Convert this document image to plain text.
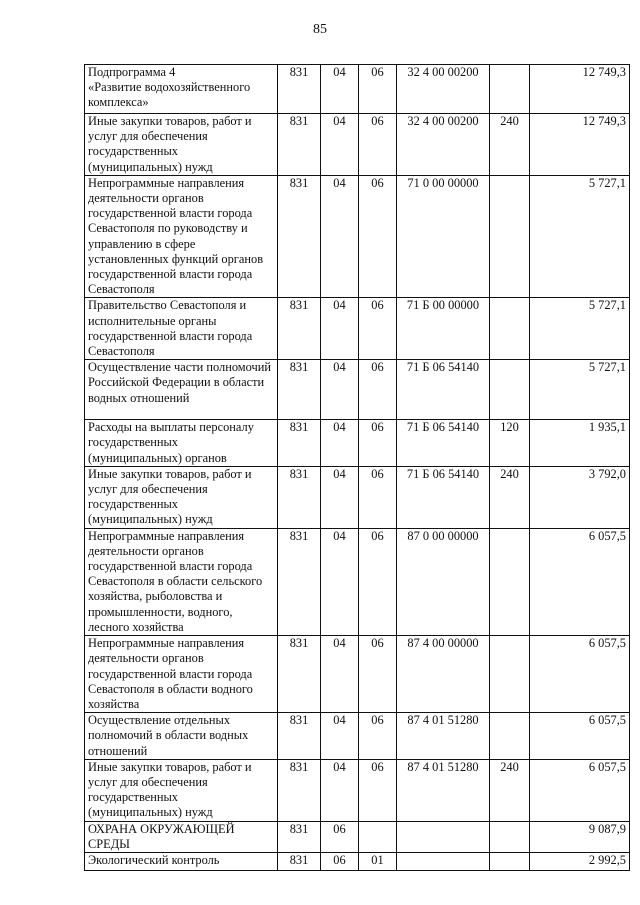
85
Подпрограмма 4
«Развитие водохозяйственного комплекса»	831	04	06	32 4 00 00200		12 749,3

Иные закупки товаров, работ и услуг для обеспечения государственных (муниципальных) нужд	831	04	06	32 4 00 00200	240	12 749,3

Непрограммные направления деятельности органов государственной власти города Севастополя по руководству и управлению в сфере установленных функций органов государственной власти города Севастополя	831	04	06	71 0 00 00000		5 727,1

Правительство Севастополя и исполнительные органы государственной власти города Севастополя	831	04	06	71 Б 00 00000		5 727,1

Осуществление части полномочий Российской Федерации в области водных отношений	831	04	06	71 Б 06 54140		5 727,1

Расходы на выплаты персоналу государственных (муниципальных) органов	831	04	06	71 Б 06 54140	120	1 935,1

Иные закупки товаров, работ и услуг для обеспечения государственных (муниципальных) нужд	831	04	06	71 Б 06 54140	240	3 792,0

Непрограммные направления деятельности органов государственной власти города Севастополя в области сельского хозяйства, рыболовства и промышленности, водного, лесного хозяйства	831	04	06	87 0 00 00000		6 057,5

Непрограммные направления деятельности органов государственной власти города Севастополя в области водного хозяйства	831	04	06	87 4 00 00000		6 057,5

Осуществление отдельных полномочий в области водных отношений	831	04	06	87 4 01 51280		6 057,5

Иные закупки товаров, работ и услуг для обеспечения государственных (муниципальных) нужд	831	04	06	87 4 01 51280	240	6 057,5

ОХРАНА ОКРУЖАЮЩЕЙ СРЕДЫ	831	06				9 087,9

Экологический контроль	831	06	01			2 992,5
